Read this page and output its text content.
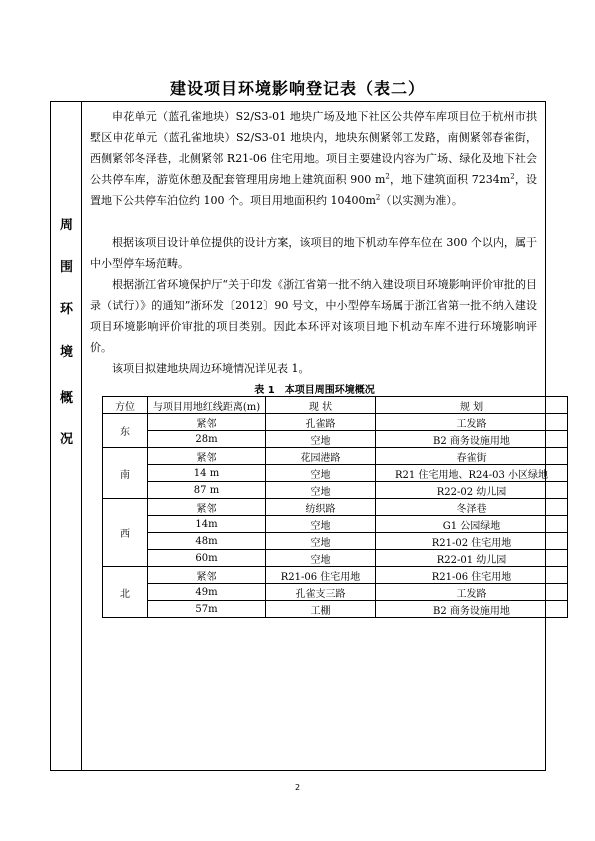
建设项目环境影响登记表（表二）
周
围
环
境
概
况

申花单元（蓝孔雀地块）S2/S3-01 地块广场及地下社区公共停车库项目位于杭州市拱墅区申花单元（蓝孔雀地块）S2/S3-01 地块内，地块东侧紧邻工发路，南侧紧邻春雀街，西侧紧邻冬泽巷，北侧紧邻 R21-06 住宅用地。项目主要建设内容为广场、绿化及地下社会公共停车库，游览休憩及配套管理用房地上建筑面积 900 $m^2$，地下建筑面积 $7234m^2$，设置地下公共停车泊位约 100 个。项目用地面积约 $10400m^2$（以实测为准）。

根据该项目设计单位提供的设计方案，该项目的地下机动车停车位在 300 个以内，属于中小型停车场范畴。

根据浙江省环境保护厅“关于印发《浙江省第一批不纳入建设项目环境影响评价审批的目录（试行）》的通知”浙环发〔2012〕90 号文，中小型停车场属于浙江省第一批不纳入建设项目环境影响评价审批的项目类别。因此本环评对该项目地下机动车库不进行环境影响评价。

该项目拟建地块周边环境情况详见表 1。

表 1　本项目周围环境概况
方位	与项目用地红线距离(m)	现 状	规 划
东	紧邻	孔雀路	工发路
	28m	空地	B2 商务设施用地
南	紧邻	花园港路	春雀街
	14 m	空地	R21 住宅用地、R24-03 小区绿地
	87 m	空地	R22-02 幼儿园
西	紧邻	纺织路	冬泽巷
	14m	空地	G1 公园绿地
	48m	空地	R21-02 住宅用地
	60m	空地	R22-01 幼儿园
北	紧邻	R21-06 住宅用地	R21-06 住宅用地
	49m	孔雀支三路	工发路
	57m	工棚	B2 商务设施用地
2
